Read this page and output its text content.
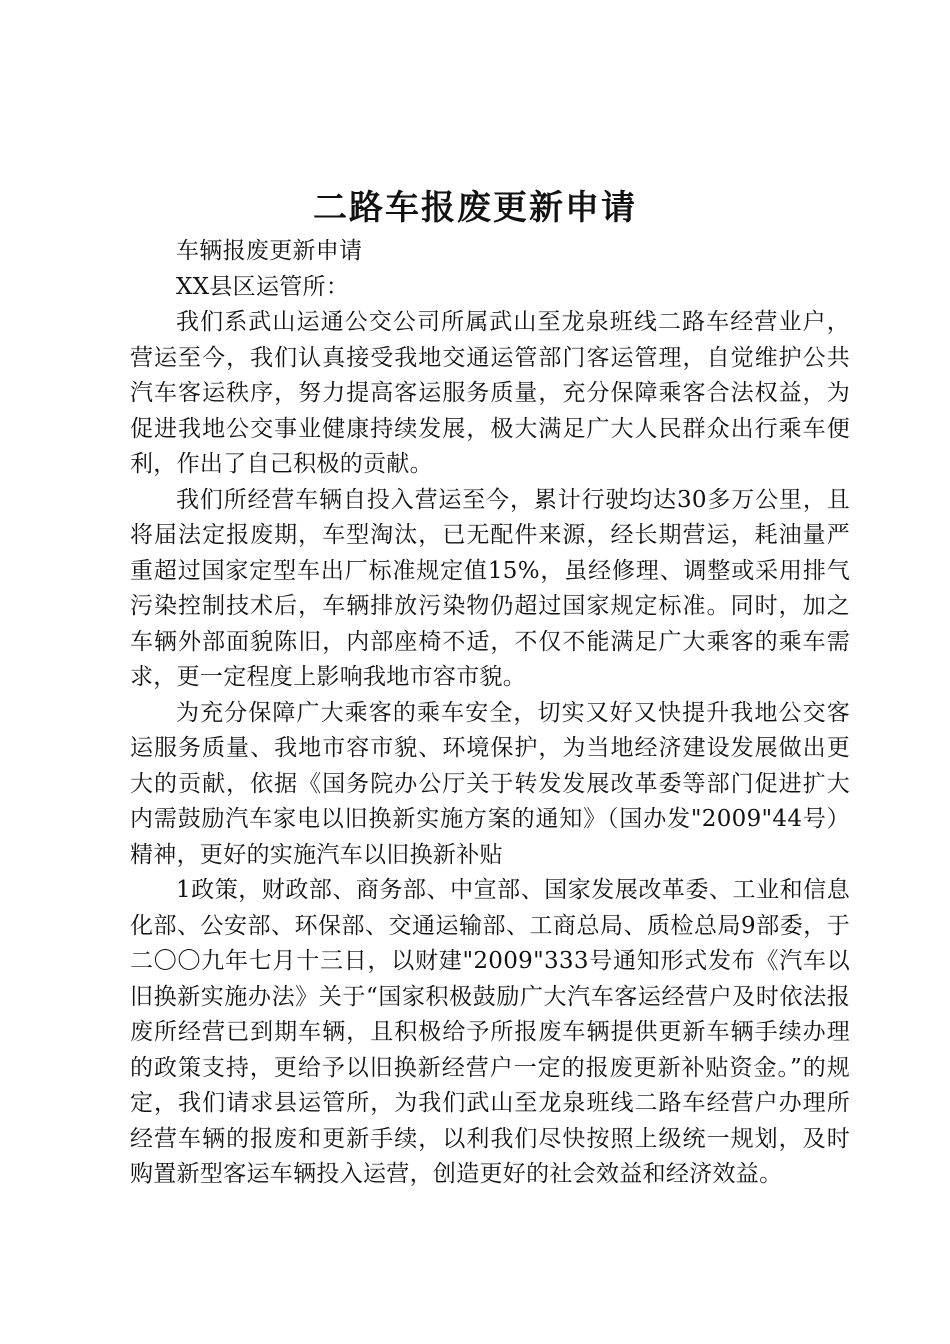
二路车报废更新申请

车辆报废更新申请

XX县区运管所：

我们系武山运通公交公司所属武山至龙泉班线二路车经营业户，营运至今，我们认真接受我地交通运管部门客运管理，自觉维护公共汽车客运秩序，努力提高客运服务质量，充分保障乘客合法权益，为促进我地公交事业健康持续发展，极大满足广大人民群众出行乘车便利，作出了自己积极的贡献。

我们所经营车辆自投入营运至今，累计行驶均达30多万公里，且将届法定报废期，车型淘汰，已无配件来源，经长期营运，耗油量严重超过国家定型车出厂标准规定值15%，虽经修理、调整或采用排气污染控制技术后，车辆排放污染物仍超过国家规定标准。同时，加之车辆外部面貌陈旧，内部座椅不适，不仅不能满足广大乘客的乘车需求，更一定程度上影响我地市容市貌。

为充分保障广大乘客的乘车安全，切实又好又快提升我地公交客运服务质量、我地市容市貌、环境保护，为当地经济建设发展做出更大的贡献，依据《国务院办公厅关于转发发展改革委等部门促进扩大内需鼓励汽车家电以旧换新实施方案的通知》（国办发"2009"44号）精神，更好的实施汽车以旧换新补贴

1政策，财政部、商务部、中宣部、国家发展改革委、工业和信息化部、公安部、环保部、交通运输部、工商总局、质检总局9部委，于二〇〇九年七月十三日，以财建"2009"333号通知形式发布《汽车以旧换新实施办法》关于“国家积极鼓励广大汽车客运经营户及时依法报废所经营已到期车辆，且积极给予所报废车辆提供更新车辆手续办理的政策支持，更给予以旧换新经营户一定的报废更新补贴资金。”的规定，我们请求县运管所，为我们武山至龙泉班线二路车经营户办理所经营车辆的报废和更新手续，以利我们尽快按照上级统一规划，及时购置新型客运车辆投入运营，创造更好的社会效益和经济效益。
